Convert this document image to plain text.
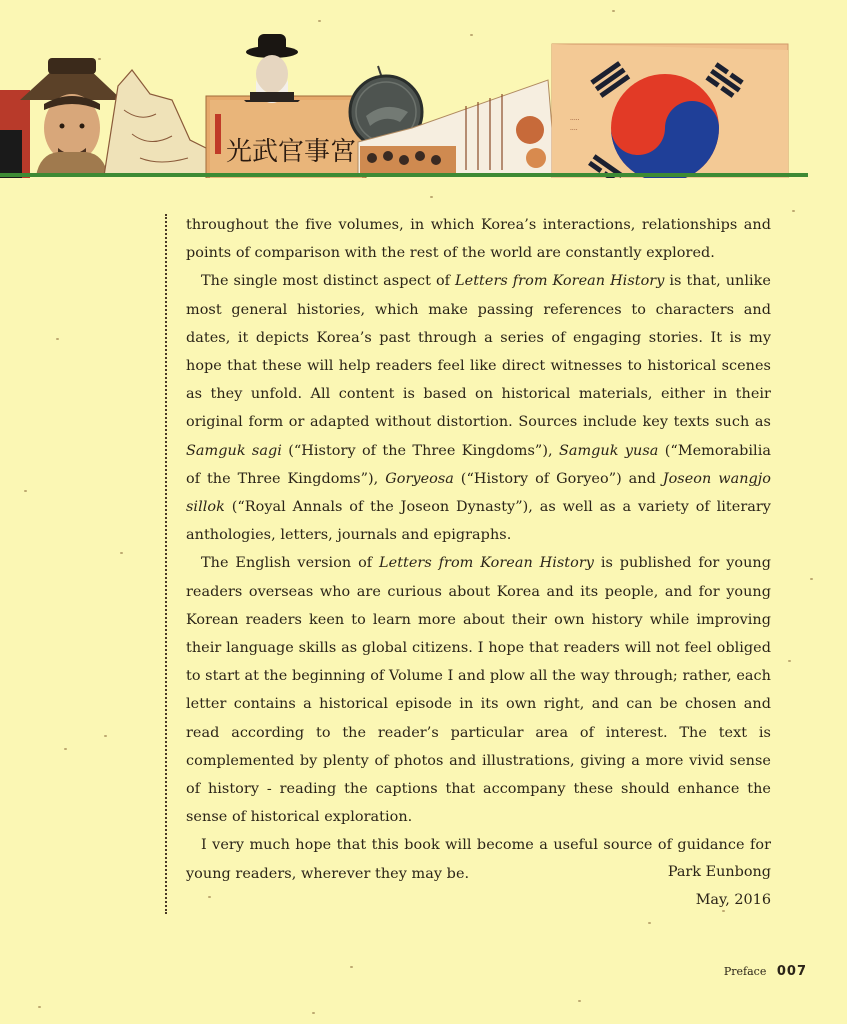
光武官事宮
·····
····

throughout the five volumes, in which Korea’s interactions, relationships and points of comparison with the rest of the world are constantly explored.

The single most distinct aspect of Letters from Korean History is that, unlike most general histories, which make passing references to characters and dates, it depicts Korea’s past through a series of engaging stories. It is my hope that these will help readers feel like direct witnesses to historical scenes as they unfold. All content is based on historical materials, either in their original form or adapted without distortion. Sources include key texts such as Samguk sagi (“History of the Three Kingdoms”), Samguk yusa (“Memorabilia of the Three Kingdoms”), Goryeosa (“History of Goryeo”) and Joseon wangjo sillok (“Royal Annals of the Joseon Dynasty”), as well as a variety of literary anthologies, letters, journals and epigraphs.

The English version of Letters from Korean History is published for young readers overseas who are curious about Korea and its people, and for young Korean readers keen to learn more about their own history while improving their language skills as global citizens. I hope that readers will not feel obliged to start at the beginning of Volume I and plow all the way through; rather, each letter contains a historical episode in its own right, and can be chosen and read according to the reader’s particular area of interest. The text is complemented by plenty of photos and illustrations, giving a more vivid sense of history - reading the captions that accompany these should enhance the sense of historical exploration.

I very much hope that this book will become a useful source of guidance for young readers, wherever they may be.	Park Eunbong
May, 2016
Preface 007
